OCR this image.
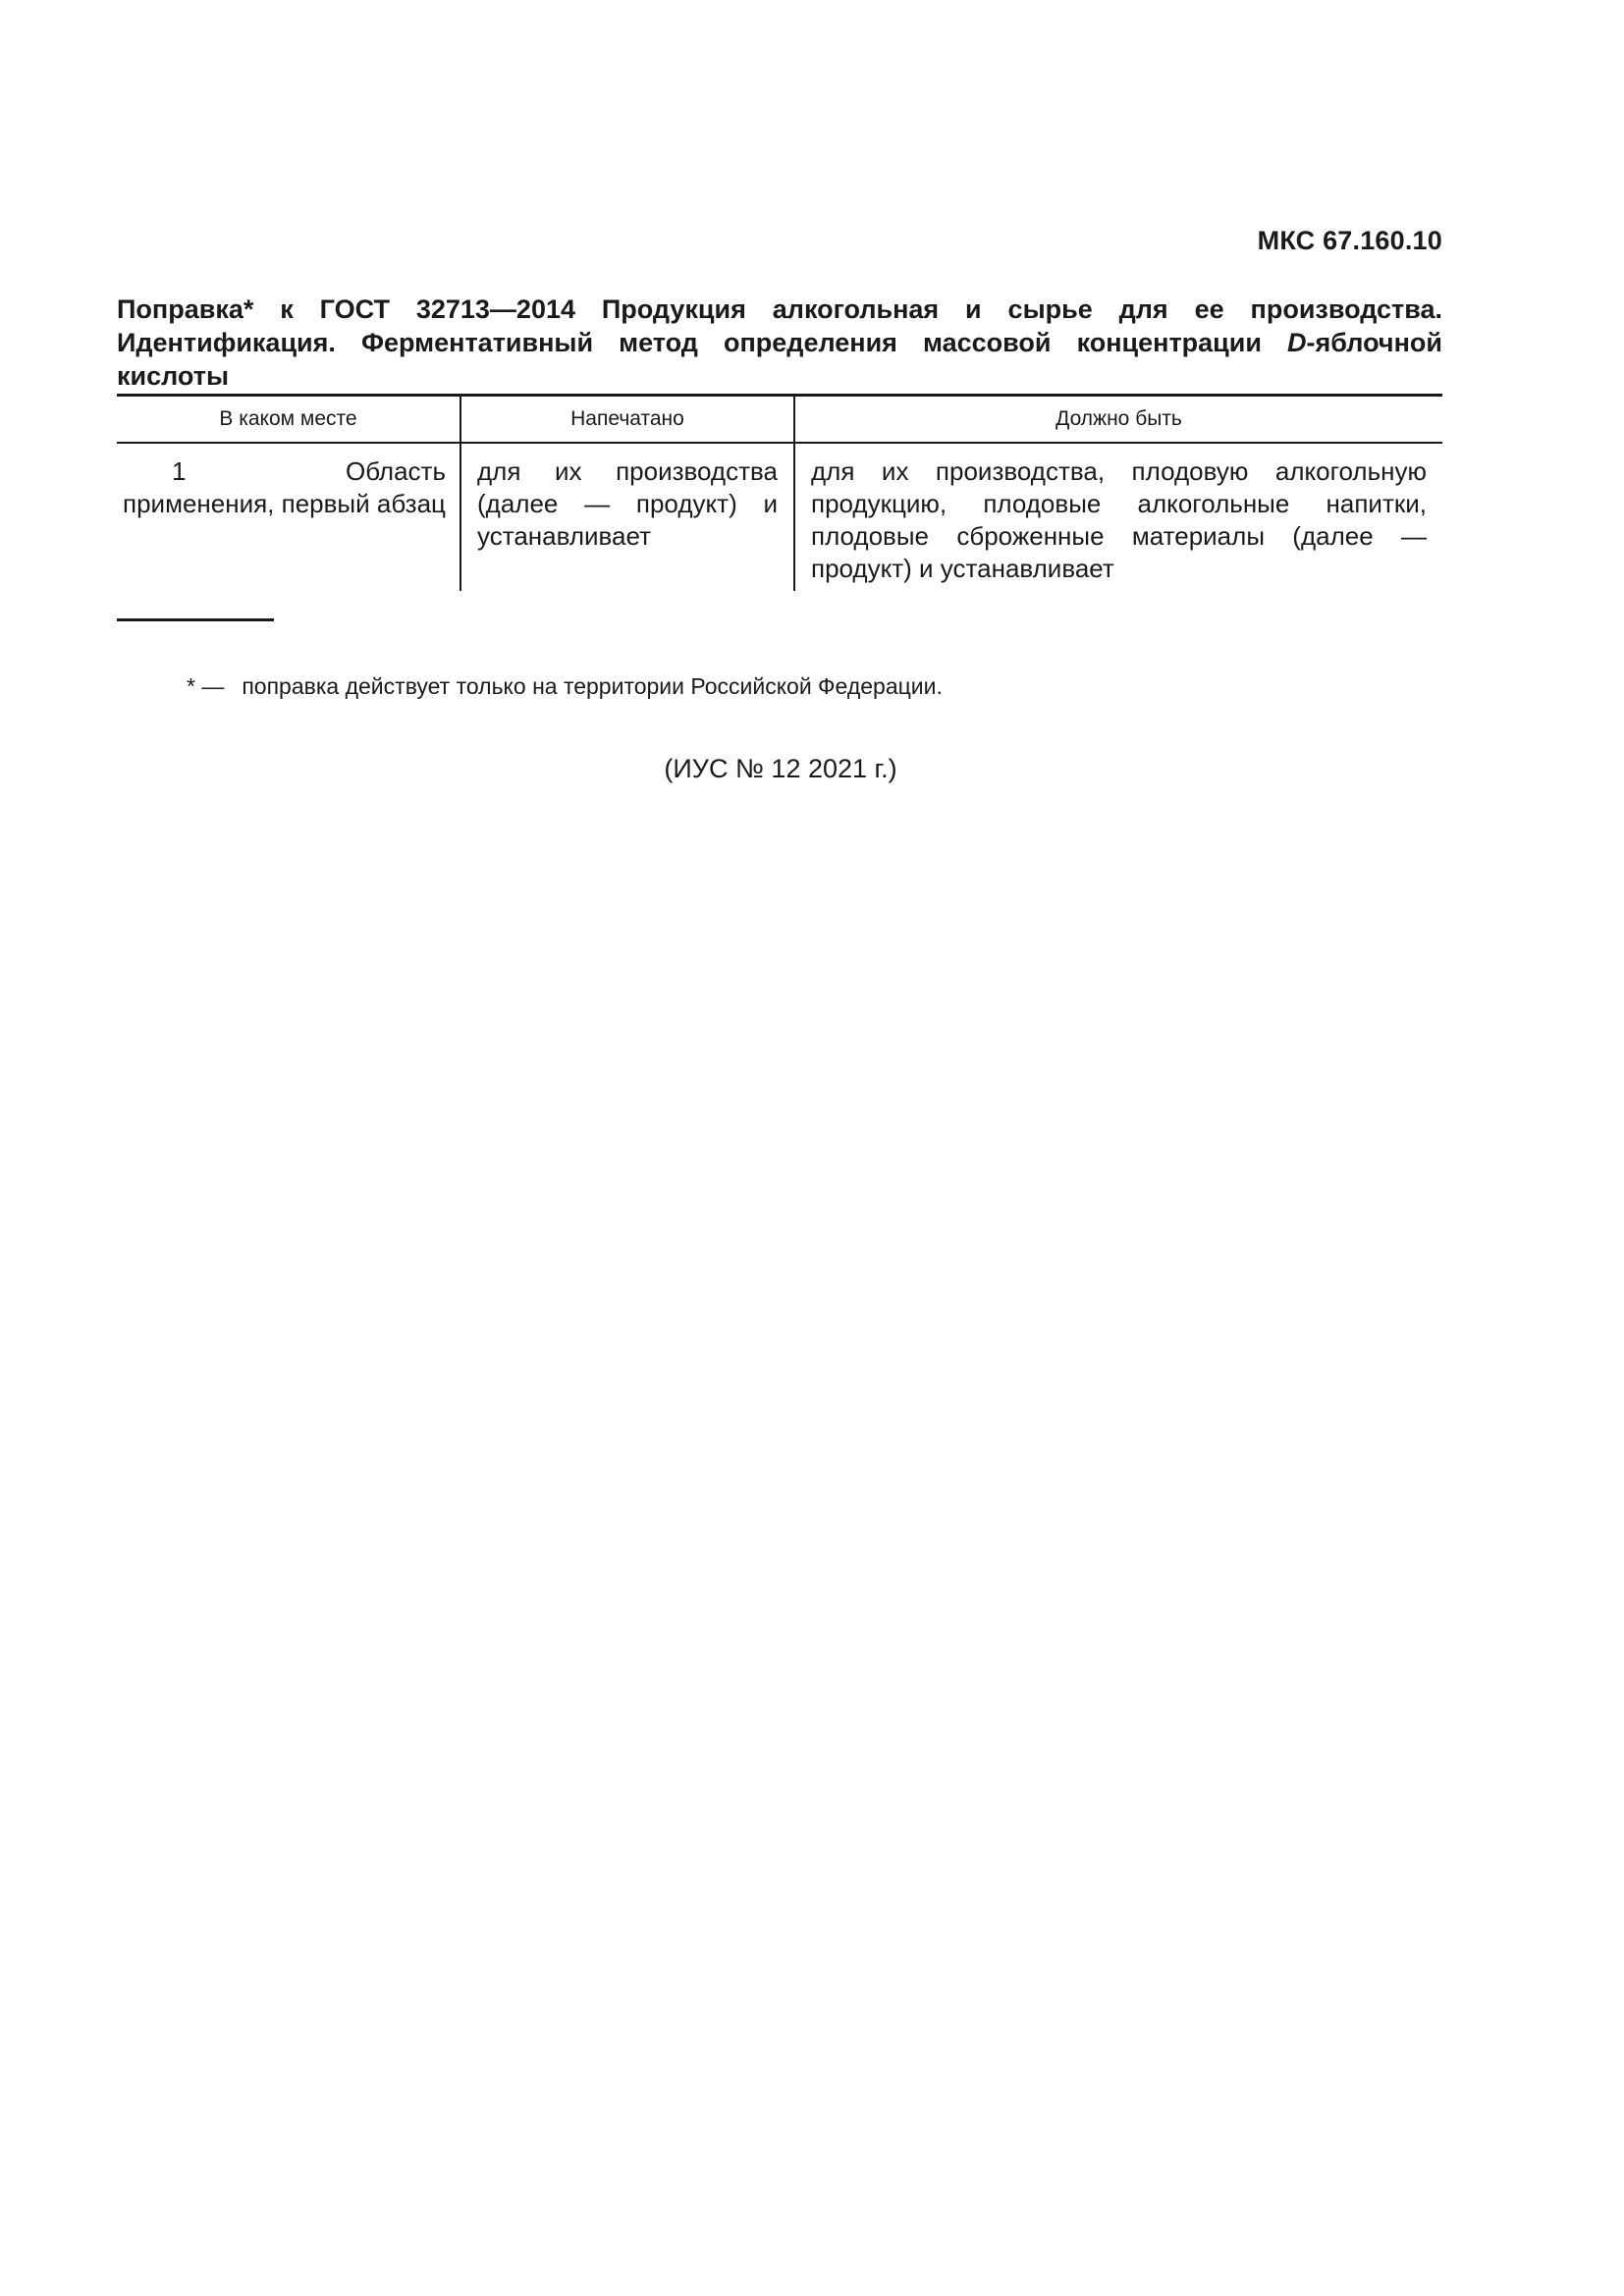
МКС 67.160.10
Поправка* к ГОСТ 32713—2014 Продукция алкогольная и сырье для ее производства. Идентификация. Ферментативный метод определения массовой концентрации D-яблочной кислоты
В каком месте	Напечатано	Должно быть
1 Область применения, первый абзац	для их производства (далее — продукт) и устанавливает	для их производства, плодовую алкогольную продукцию, плодовые алкогольные напитки, плодовые сброженные материалы (далее — продукт) и устанавливает
* — поправка действует только на территории Российской Федерации.
(ИУС № 12 2021 г.)
